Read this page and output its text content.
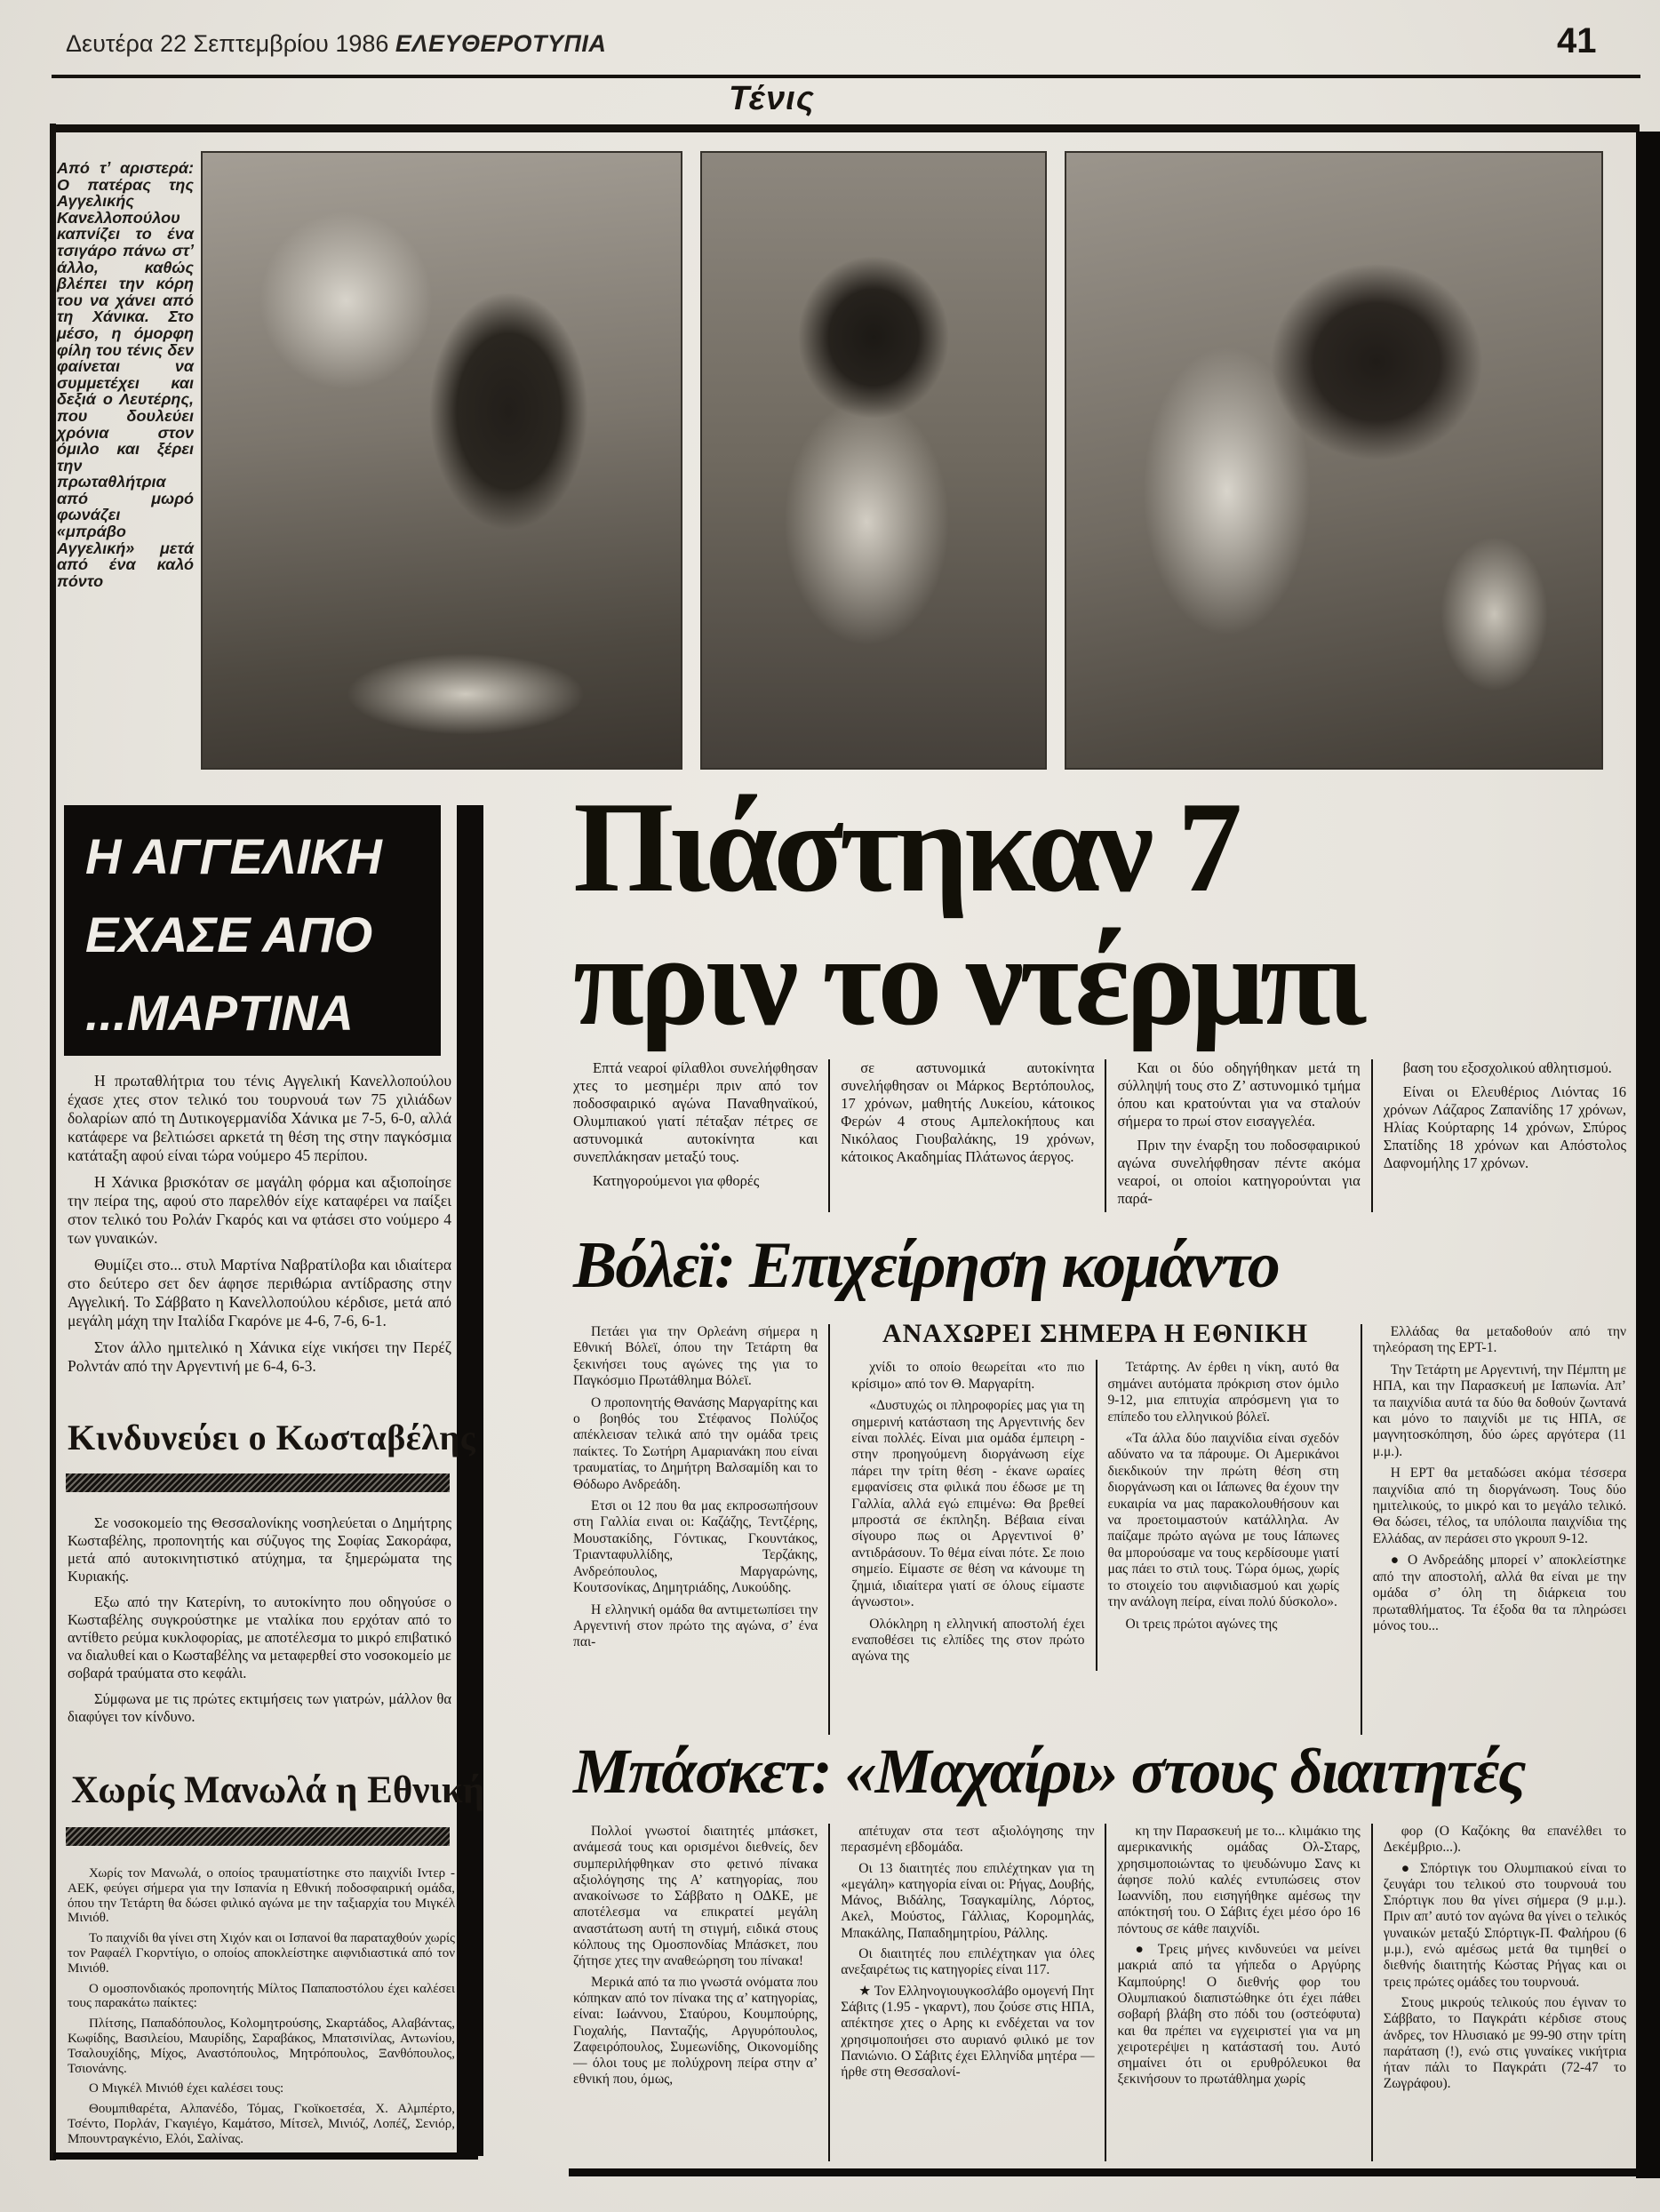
Δευτέρα 22 Σεπτεμβρίου 1986 ΕΛΕΥΘΕΡΟΤΥΠΙΑ	41
Τένις
Από τ’ αριστερά: Ο πατέρας της Αγγελικής Κανελλοπούλου καπνίζει το ένα τσιγάρο πάνω στ’ άλλο, καθώς βλέπει την κόρη του να χάνει από τη Χάνικα. Στο μέσο, η όμορφη φίλη του τένις δεν φαίνεται να συμμετέχει και δεξιά ο Λευτέρης, που δουλεύει χρόνια στον όμιλο και ξέρει την πρωταθλήτρια από μωρό φωνάζει «μπράβο Αγγελική» μετά από ένα καλό πόντο
Η ΑΓΓΕΛΙΚΗ
ΕΧΑΣΕ ΑΠΟ
...ΜΑΡΤΙΝΑ

Η πρωταθλήτρια του τένις Αγγελική Κανελλοπούλου έχασε χτες στον τελικό του τουρνουά των 75 χιλιάδων δολαρίων από τη Δυτικογερμανίδα Χάνικα με 7-5, 6-0, αλλά κατάφερε να βελτιώσει αρκετά τη θέση της στην παγκόσμια κατάταξη αφού είναι τώρα νούμερο 45 περίπου.

Η Χάνικα βρισκόταν σε μαγάλη φόρμα και αξιοποίησε την πείρα της, αφού στο παρελθόν είχε καταφέρει να παίξει στον τελικό του Ρολάν Γκαρός και να φτάσει στο νούμερο 4 των γυναικών.

Θυμίζει στο... στυλ Μαρτίνα Ναβρατίλοβα και ιδιαίτερα στο δεύτερο σετ δεν άφησε περιθώρια αντίδρασης στην Αγγελική. Το Σάββατο η Κανελλοπούλου κέρδισε, μετά από μεγάλη μάχη την Ιταλίδα Γκαρόνε με 4-6, 7-6, 6-1.

Στον άλλο ημιτελικό η Χάνικα είχε νικήσει την Περέζ Ρολντάν από την Αργεντινή με 6-4, 6-3.

Κινδυνεύει ο Κωσταβέλης

Σε νοσοκομείο της Θεσσαλονίκης νοσηλεύεται ο Δημήτρης Κωσταβέλης, προπονητής και σύζυγος της Σοφίας Σακοράφα, μετά από αυτοκινητιστικό ατύχημα, τα ξημερώματα της Κυριακής.

Εξω από την Κατερίνη, το αυτοκίνητο που οδηγούσε ο Κωσταβέλης συγκρούστηκε με νταλίκα που ερχόταν από το αντίθετο ρεύμα κυκλοφορίας, με αποτέλεσμα το μικρό επιβατικό να διαλυθεί και ο Κωσταβέλης να μεταφερθεί στο νοσοκομείο με σοβαρά τραύματα στο κεφάλι.

Σύμφωνα με τις πρώτες εκτιμήσεις των γιατρών, μάλλον θα διαφύγει τον κίνδυνο.

Χωρίς Μανωλά η Εθνική

Χωρίς τον Μανωλά, ο οποίος τραυματίστηκε στο παιχνίδι Ιντερ - ΑΕΚ, φεύγει σήμερα για την Ισπανία η Εθνική ποδοσφαιρική ομάδα, όπου την Τετάρτη θα δώσει φιλικό αγώνα με την ταξιαρχία του Μιγκέλ Μινιόθ.

Το παιχνίδι θα γίνει στη Χιχόν και οι Ισπανοί θα παραταχθούν χωρίς τον Ραφαέλ Γκορντίγιο, ο οποίος αποκλείστηκε αιφνιδιαστικά από τον Μινιόθ.

Ο ομοσπονδιακός προπονητής Μίλτος Παπαποστόλου έχει καλέσει τους παρακάτω παίκτες:

Πλίτσης, Παπαδόπουλος, Κολομητρούσης, Σκαρτάδος, Αλαβάντας, Κωφίδης, Βασιλείου, Μαυρίδης, Σαραβάκος, Μπατσινίλας, Αντωνίου, Τσαλουχίδης, Μίχος, Αναστόπουλος, Μητρόπουλος, Ξανθόπουλος, Τσιονάνης.

Ο Μιγκέλ Μινιόθ έχει καλέσει τους:

Θουμπιθαρέτα, Αλπανέδο, Τόμας, Γκοϊκοετσέα, Χ. Αλμπέρτο, Τσέντο, Πορλάν, Γκαγιέγο, Καμάτσο, Μίτσελ, Μινιόζ, Λοπέζ, Σενιόρ, Μπουντραγκένιο, Ελόι, Σαλίνας.

Πιάστηκαν 7
πριν το ντέρμπι

Επτά νεαροί φίλαθλοι συνελήφθησαν χτες το μεσημέρι πριν από τον ποδοσφαιρικό αγώνα Παναθηναϊκού, Ολυμπιακού γιατί πέταξαν πέτρες σε αστυνομικά αυτοκίνητα και συνεπλάκησαν μεταξύ τους.

Κατηγορούμενοι για φθορές

σε αστυνομικά αυτοκίνητα συνελήφθησαν οι Μάρκος Βερτόπουλος, 17 χρόνων, μαθητής Λυκείου, κάτοικος Φερών 4 στους Αμπελοκήπους και Νικόλαος Γιουβαλάκης, 19 χρόνων, κάτοικος Ακαδημίας Πλάτωνος άεργος.

Και οι δύο οδηγήθηκαν μετά τη σύλληψή τους στο Ζ’ αστυνομικό τμήμα όπου και κρατούνται για να σταλούν σήμερα το πρωί στον εισαγγελέα.

Πριν την έναρξη του ποδοσφαιρικού αγώνα συνελήφθησαν πέντε ακόμα νεαροί, οι οποίοι κατηγορούνται για παρά-

βαση του εξοσχολικού αθλητισμού.

Είναι οι Ελευθέριος Λιόντας 16 χρόνων Λάζαρος Ζαπανίδης 17 χρόνων, Ηλίας Κούρταρης 14 χρόνων, Σπύρος Σπατίδης 18 χρόνων και Απόστολος Δαφνομήλης 17 χρόνων.

Βόλεϊ: Επιχείρηση κομάντο

Πετάει για την Ορλεάνη σήμερα η Εθνική Βόλεϊ, όπου την Τετάρτη θα ξεκινήσει τους αγώνες της για το Παγκόσμιο Πρωτάθλημα Βόλεϊ.

Ο προπονητής Θανάσης Μαργαρίτης και ο βοηθός του Στέφανος Πολύζος απέκλεισαν τελικά από την ομάδα τρεις παίκτες. Το Σωτήρη Αμαριανάκη που είναι τραυματίας, το Δημήτρη Βαλσαμίδη και το Θόδωρο Ανδρεάδη.

Ετσι οι 12 που θα μας εκπροσωπήσουν στη Γαλλία ειναι οι: Καζάζης, Τεντζέρης, Μουστακίδης, Γόντικας, Γκουντάκος, Τριανταφυλλίδης, Τερζάκης, Ανδρεόπουλος, Μαργαρώνης, Κουτσονίκας, Δημητριάδης, Λυκούδης.

Η ελληνική ομάδα θα αντιμετωπίσει την Αργεντινή στον πρώτο της αγώνα, σ’ ένα παι-

ΑΝΑΧΩΡΕΙ ΣΗΜΕΡΑ Η ΕΘΝΙΚΗ

χνίδι το οποίο θεωρείται «το πιο κρίσιμο» από τον Θ. Μαργαρίτη.

«Δυστυχώς οι πληροφορίες μας για τη σημερινή κατάσταση της Αργεντινής δεν είναι πολλές. Είναι μια ομάδα έμπειρη - στην προηγούμενη διοργάνωση είχε πάρει την τρίτη θέση - έκανε ωραίες εμφανίσεις στα φιλικά που έδωσε με τη Γαλλία, αλλά εγώ επιμένω: Θα βρεθεί μπροστά σε έκπληξη. Βέβαια είναι σίγουρο πως οι Αργεντινοί θ’ αντιδράσουν. Το θέμα είναι πότε. Σε ποιο σημείο. Είμαστε σε θέση να κάνουμε τη ζημιά, ιδιαίτερα γιατί σε όλους είμαστε άγνωστοι».

Ολόκληρη η ελληνική αποστολή έχει εναποθέσει τις ελπίδες της στον πρώτο αγώνα της

Τετάρτης. Αν έρθει η νίκη, αυτό θα σημάνει αυτόματα πρόκριση στον όμιλο 9-12, μια επιτυχία απρόσμενη για το επίπεδο του ελληνικού βόλεϊ.

«Τα άλλα δύο παιχνίδια είναι σχεδόν αδύνατο να τα πάρουμε. Οι Αμερικάνοι διεκδικούν την πρώτη θέση στη διοργάνωση και οι Ιάπωνες θα έχουν την ευκαιρία να μας παρακολουθήσουν και να προετοιμαστούν κατάλληλα. Αν παίζαμε πρώτο αγώνα με τους Ιάπωνες θα μπορούσαμε να τους κερδίσουμε γιατί μας πάει το στιλ τους. Τώρα όμως, χωρίς το στοιχείο του αιφνιδιασμού και χωρίς την ανάλογη πείρα, είναι πολύ δύσκολο».

Οι τρεις πρώτοι αγώνες της

Ελλάδας θα μεταδοθούν από την τηλεόραση της ΕΡΤ-1.

Την Τετάρτη με Αργεντινή, την Πέμπτη με ΗΠΑ, και την Παρασκευή με Ιαπωνία. Απ’ τα παιχνίδια αυτά τα δύο θα δοθούν ζωντανά και μόνο το παιχνίδι με τις ΗΠΑ, σε μαγνητοσκόπηση, δύο ώρες αργότερα (11 μ.μ.).

Η ΕΡΤ θα μεταδώσει ακόμα τέσσερα παιχνίδια από τη διοργάνωση. Τους δύο ημιτελικούς, το μικρό και το μεγάλο τελικό. Θα δώσει, τέλος, τα υπόλοιπα παιχνίδια της Ελλάδας, αν περάσει στο γκρουπ 9-12.

● Ο Ανδρεάδης μπορεί ν’ αποκλείστηκε από την αποστολή, αλλά θα είναι με την ομάδα σ’ όλη τη διάρκεια του πρωταθλήματος. Τα έξοδα θα τα πληρώσει μόνος του...

Μπάσκετ: «Μαχαίρι» στους διαιτητές

Πολλοί γνωστοί διαιτητές μπάσκετ, ανάμεσά τους και ορισμένοι διεθνείς, δεν συμπεριλήφθηκαν στο φετινό πίνακα αξιολόγησης της Α’ κατηγορίας, που ανακοίνωσε το Σάββατο η ΟΔΚΕ, με αποτέλεσμα να επικρατεί μεγάλη αναστάτωση αυτή τη στιγμή, ειδικά στους κόλπους της Ομοσπονδίας Μπάσκετ, που ζήτησε χτες την αναθεώρηση του πίνακα!

Μερικά από τα πιο γνωστά ονόματα που κόπηκαν από τον πίνακα της α’ κατηγορίας, είναι: Ιωάννου, Σταύρου, Κουμπούρης, Γιοχαλής, Πανταζής, Αργυρόπουλος, Ζαφειρόπουλος, Συμεωνίδης, Οικονομίδης — όλοι τους με πολύχρονη πείρα στην α’ εθνική που, όμως,

απέτυχαν στα τεστ αξιολόγησης την περασμένη εβδομάδα.

Οι 13 διαιτητές που επιλέχτηκαν για τη «μεγάλη» κατηγορία είναι οι: Ρήγας, Δουβής, Μάνος, Βιδάλης, Τσαγκαμίλης, Λόρτος, Ακελ, Μούστος, Γάλλιας, Κορομηλάς, Μπακάλης, Παπαδημητρίου, Ράλλης.

Οι διαιτητές που επιλέχτηκαν για όλες ανεξαιρέτως τις κατηγορίες είναι 117.

★ Τον Ελληνογιουγκοσλάβο ομογενή Πητ Σάβιτς (1.95 - γκαρντ), που ζούσε στις ΗΠΑ, απέκτησε χτες ο Αρης κι ενδέχεται να τον χρησιμοποιήσει στο αυριανό φιλικό με τον Πανιώνιο. Ο Σάβιτς έχει Ελληνίδα μητέρα — ήρθε στη Θεσσαλονί-

κη την Παρασκευή με το... κλιμάκιο της αμερικανικής ομάδας Ολ-Σταρς, χρησιμοποιώντας το ψευδώνυμο Σανς κι άφησε πολύ καλές εντυπώσεις στον Ιωαννίδη, που εισηγήθηκε αμέσως την απόκτησή του. Ο Σάβιτς έχει μέσο όρο 16 πόντους σε κάθε παιχνίδι.

● Τρεις μήνες κινδυνεύει να μείνει μακριά από τα γήπεδα ο Αργύρης Καμπούρης! Ο διεθνής φορ του Ολυμπιακού διαπιστώθηκε ότι έχει πάθει σοβαρή βλάβη στο πόδι του (οστεόφυτα) και θα πρέπει να εγχειριστεί για να μη χειροτερέψει η κατάστασή του. Αυτό σημαίνει ότι οι ερυθρόλευκοι θα ξεκινήσουν το πρωτάθλημα χωρίς

φορ (Ο Καζόκης θα επανέλθει το Δεκέμβριο...).

● Σπόρτιγκ του Ολυμπιακού είναι το ζευγάρι του τελικού στο τουρνουά του Σπόρτιγκ που θα γίνει σήμερα (9 μ.μ.). Πριν απ’ αυτό τον αγώνα θα γίνει ο τελικός γυναικών μεταξύ Σπόρτιγκ-Π. Φαλήρου (6 μ.μ.), ενώ αμέσως μετά θα τιμηθεί ο διεθνής διαιτητής Κώστας Ρήγας και οι τρεις πρώτες ομάδες του τουρνουά.

Στους μικρούς τελικούς που έγιναν το Σάββατο, το Παγκράτι κέρδισε στους άνδρες, τον Ηλυσιακό με 99-90 στην τρίτη παράταση (!), ενώ στις γυναίκες νικήτρια ήταν πάλι το Παγκράτι (72-47 το Ζωγράφου).
